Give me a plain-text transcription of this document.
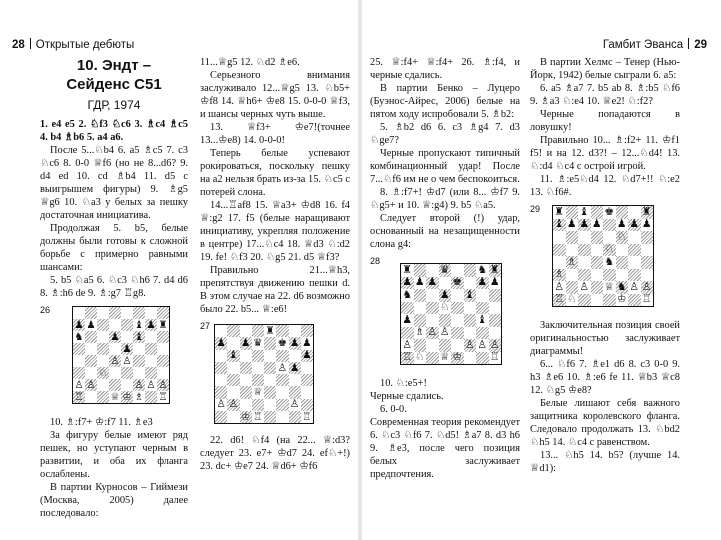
28 Открытые дебюты
10. Эндт –
Сейденс С51
ГДР, 1974

1. e4 e5 2. ♘f3 ♘c6 3. ♗c4 ♗c5 4. b4 ♗b6 5. a4 a6.

После 5...♘b4 6. a5 ♗c5 7. c3 ♘c6 8. 0-0 ♕f6 (но не 8...d6? 9. d4 ed 10. cd ♗b4 11. d5 с выигрышем фигуры) 9. ♗g5 ♕g6 10. ♘a3 у белых за пешку достаточная инициатива.

Продолжая 5. b5, белые должны были готовы к сложной борьбе с примерно равными шансами:

5. b5 ♘a5 6. ♘c3 ♘h6 7. d4 d6 8. ♗:h6 de 9. ♗:g7 ♖g8.

26
♟ ♟	♝ ♟ ♜
♞	♟ ♝
♟
♙ ♙
♘
♙ ♙	♙ ♙ ♙
♖	♕ ♔ ♗ ♖

10. ♗:f7+ ♔:f7 11. ♗e3

За фигуру белые имеют ряд пешек, но уступают черным в развитии, и оба их фланга ослаблены.

В партии Курносов – Гиймези (Москва, 2005) далее последовало:

11...♕g5 12. ♘d2 ♗e6.

Серьезного внимания заслуживало 12...♕g5 13. ♘b5+ ♔f8 14. ♕h6+ ♔e8 15. 0-0-0 ♕f3, и шансы черных чуть выше.

13. ♕f3+ ♔e7!(точнее 13...♔e8) 14. 0-0-0!

Теперь белые успевают рокироваться, поскольку пешку на a2 нельзя брать из-за 15. ♘c5 с потерей слона.

14...♖af8 15. ♕a3+ ♔d8 16. f4 ♕:g2 17. f5 (белые наращивают инициативу, укрепляя положение в центре) 17...♘c4 18. ♕d3 ♘:d2 19. fe! ♘f3 20. ♘g5 21. d5 ♕f3?

Правильно 21...♕h3, препятствуя движению пешки d. В этом случае на 22. d6 возможно было 22. b5... ♕:e6!

27	♜
♟ ♟ ♛ ♚ ♟ ♟
♝	♟
♙ ♟
♕
♙ ♙	♙
♔ ♖	♖

22. d6! ♘f4 (на 22... ♕:d3? следует 23. e7+ ♔d7 24. ef♘+!) 23. dc+ ♔e7 24. ♕d6+ ♔f6

Гамбит Эванса 29

25. ♕:f4+ ♕:f4+ 26. ♗:f4, и черные сдались.

В партии Бенко – Луцеро (Буэнос-Айрес, 2006) белые на пятом ходу испробовали 5. ♗b2:

5. ♗b2 d6 6. c3 ♗g4 7. d3 ♘ge7?

Черные пропускают типичный комбинационный удар! После 7...♘f6 им не о чем беспокоиться.

8. ♗:f7+! ♔d7 (или 8... ♔f7 9. ♘g5+ и 10. ♕:g4) 9. b5 ♘a5.

Следует второй (!) удар, основанный на незащищенности слона g4:

28
♜	♛	♞ ♜
♟ ♟ ♟ ♚ ♟ ♟
♞	♟ ♝
♘
♟	♝
♗ ♙ ♙
♙	♙ ♙ ♙
♖ ♘ ♕ ♔	♖

10. ♘:e5+!

Черные сдались.

6. 0-0.

Современная теория рекомендует 6. ♘c3 ♘f6 7. ♘d5! ♗a7 8. d3 h6 9. ♗e3, после чего позиция белых заслуживает предпочтения.

В партии Хелмс – Тенер (Нью-Йорк, 1942) белые сыграли 6. a5:

6. a5 ♗a7 7. b5 ab 8. ♗:b5 ♘f6 9. ♗a3 ♘:e4 10. ♕e2! ♘:f2?

Черные попадаются в ловушку!

Правильно 10... ♗:f2+ 11. ♔f1 f5! и на 12. d3?! – 12...♘d4! 13. ♘:d4 ♘c4 с острой игрой.

11. ♗:e5♘d4 12. ♘d7+!! ♘:e2 13. ♘f6#.

29 ♜ ♝ ♚	♜
♝ ♟ ♟ ♟ ♟ ♟ ♟
♘
♘
♗	♞
♗
♙ ♙ ♕ ♞ ♙ ♙
♖ ♘	♔ ♖

Заключительная позиция своей оригинальностью заслуживает диаграммы!

6... ♘f6 7. ♗e1 d6 8. c3 0-0 9. h3 ♗e6 10. ♗:e6 fe 11. ♕b3 ♕c8 12. ♘g5 ♔e8?

Белые лишают себя важного защитника королевского фланга. Следовало продолжать 13. ♘bd2 ♘h5 14. ♘c4 с равенством.

13... ♘h5 14. b5? (лучше 14. ♕d1):
